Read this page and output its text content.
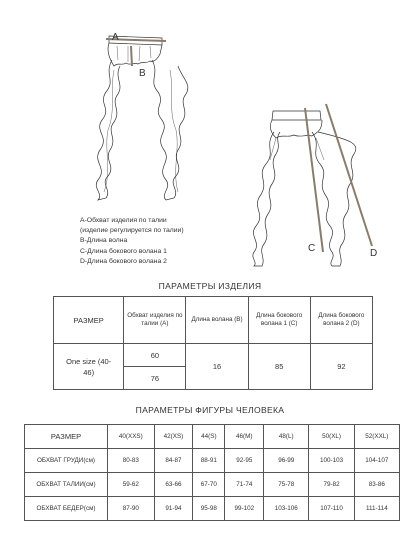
A
B
C	D
A-Обхват изделия по талии
(изделие регулируется по талии)
B-Длина волна
C-Длина бокового волана 1
D-Длина бокового волана 2
ПАРАМЕТРЫ ИЗДЕЛИЯ
РАЗМЕР	Обхват изделия по талии (А)	Длина волана (B)	Длина бокового волана 1 (С)	Длина бокового волана 2 (D)
One size (40-46)	60	16	85	92
	76			
ПАРАМЕТРЫ ФИГУРЫ ЧЕЛОВЕКА
РАЗМЕР	40(XXS)	42(XS)	44(S)	46(M)	48(L)	50(XL)	52(XXL)
ОБХВАТ ГРУДИ(см)	80-83	84-87	88-91	92-95	96-99	100-103	104-107
ОБХВАТ ТАЛИИ(см)	59-62	63-66	67-70	71-74	75-78	79-82	83-86
ОБХВАТ БЕДЕР(см)	87-90	91-94	95-98	99-102	103-106	107-110	111-114
